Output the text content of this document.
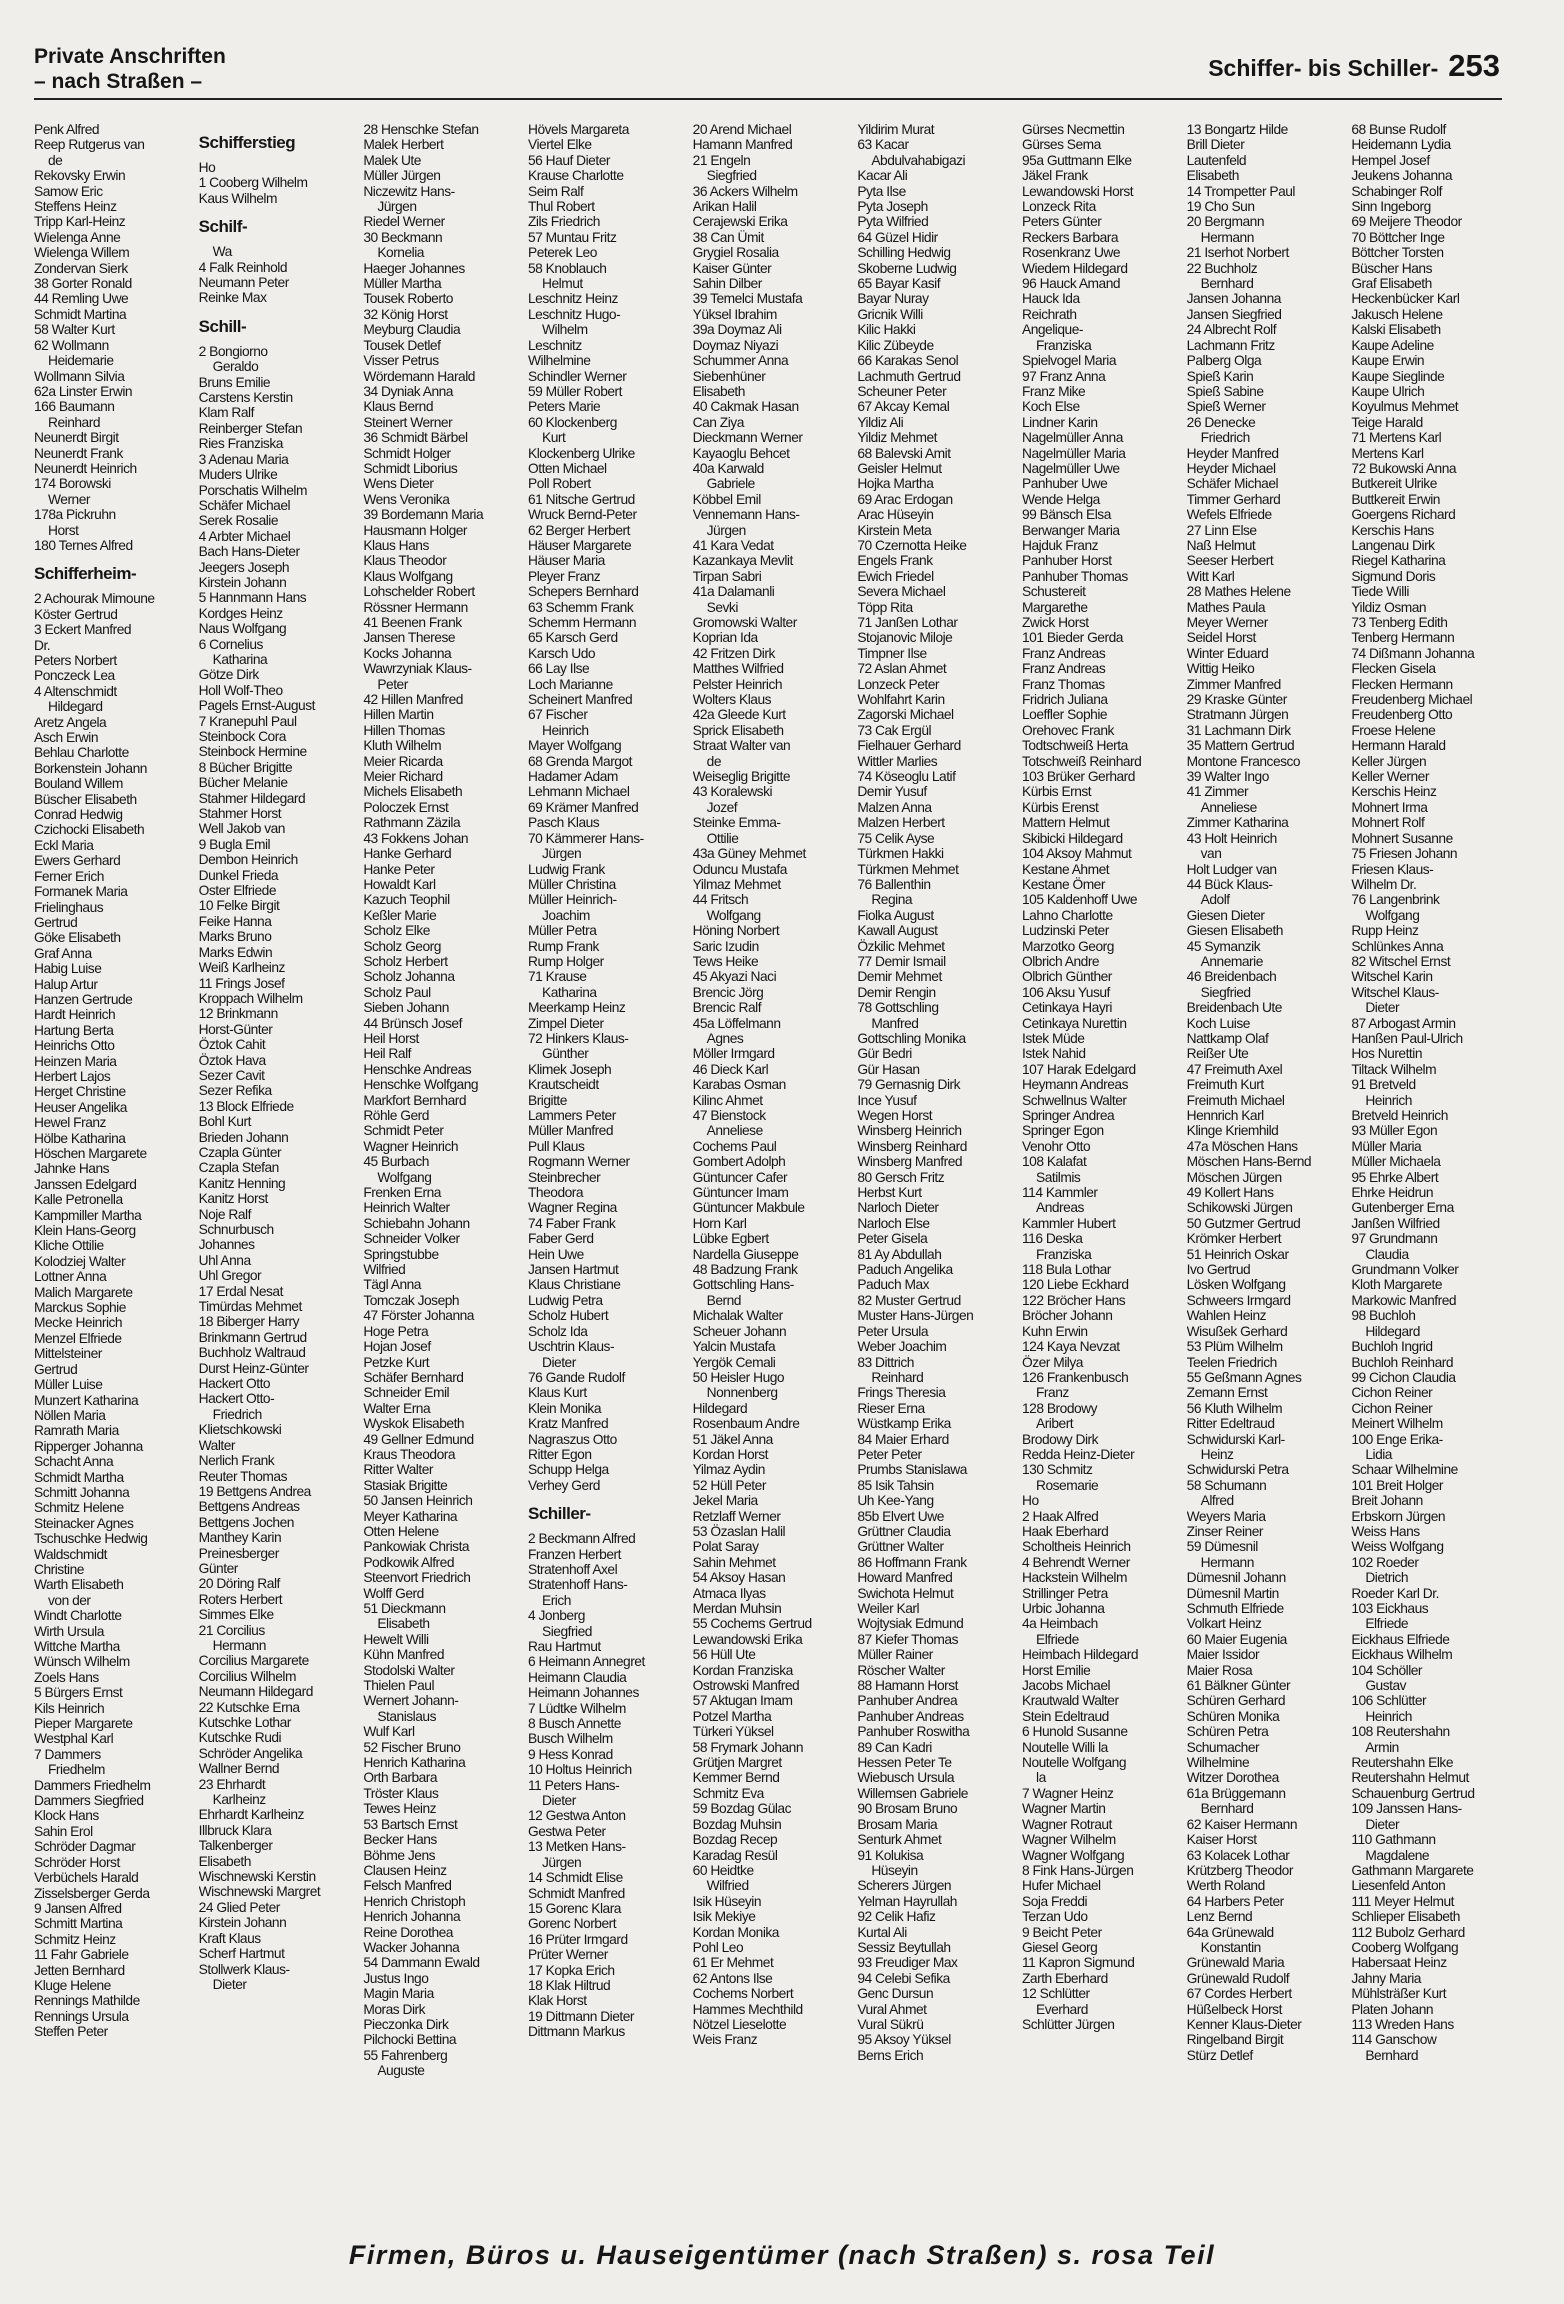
Private Anschriften
– nach Straßen –
Schiffer- bis Schiller- 253
Penk Alfred
Reep Rutgerus van
de
Rekovsky Erwin
Samow Eric
Steffens Heinz
Tripp Karl-Heinz
Wielenga Anne
Wielenga Willem
Zondervan Sierk
38 Gorter Ronald
44 Remling Uwe
Schmidt Martina
58 Walter Kurt
62 Wollmann
Heidemarie
Wollmann Silvia
62a Linster Erwin
166 Baumann
Reinhard
Neunerdt Birgit
Neunerdt Frank
Neunerdt Heinrich
174 Borowski
Werner
178a Pickruhn
Horst
180 Ternes Alfred
Schifferheim-
2 Achourak Mimoune
Köster Gertrud
3 Eckert Manfred
Dr.
Peters Norbert
Ponczeck Lea
4 Altenschmidt
Hildegard
Aretz Angela
Asch Erwin
Behlau Charlotte
Borkenstein Johann
Bouland Willem
Büscher Elisabeth
Conrad Hedwig
Czichocki Elisabeth
Eckl Maria
Ewers Gerhard
Ferner Erich
Formanek Maria
Frielinghaus
Gertrud
Göke Elisabeth
Graf Anna
Habig Luise
Halup Artur
Hanzen Gertrude
Hardt Heinrich
Hartung Berta
Heinrichs Otto
Heinzen Maria
Herbert Lajos
Herget Christine
Heuser Angelika
Hewel Franz
Hölbe Katharina
Höschen Margarete
Jahnke Hans
Janssen Edelgard
Kalle Petronella
Kampmiller Martha
Klein Hans-Georg
Kliche Ottilie
Kolodziej Walter
Lottner Anna
Malich Margarete
Marckus Sophie
Mecke Heinrich
Menzel Elfriede
Mittelsteiner
Gertrud
Müller Luise
Munzert Katharina
Nöllen Maria
Ramrath Maria
Ripperger Johanna
Schacht Anna
Schmidt Martha
Schmitt Johanna
Schmitz Helene
Steinacker Agnes
Tschuschke Hedwig
Waldschmidt
Christine
Warth Elisabeth
von der
Windt Charlotte
Wirth Ursula
Wittche Martha
Wünsch Wilhelm
Zoels Hans
5 Bürgers Ernst
Kils Heinrich
Pieper Margarete
Westphal Karl
7 Dammers
Friedhelm
Dammers Friedhelm
Dammers Siegfried
Klock Hans
Sahin Erol
Schröder Dagmar
Schröder Horst
Verbüchels Harald
Zisselsberger Gerda
9 Jansen Alfred
Schmitt Martina
Schmitz Heinz
11 Fahr Gabriele
Jetten Bernhard
Kluge Helene
Rennings Mathilde
Rennings Ursula
Steffen Peter
Schifferstieg
Ho
1 Cooberg Wilhelm
Kaus Wilhelm
Schilf-
Wa
4 Falk Reinhold
Neumann Peter
Reinke Max
Schill-
2 Bongiorno
Geraldo
Bruns Emilie
Carstens Kerstin
Klam Ralf
Reinberger Stefan
Ries Franziska
3 Adenau Maria
Muders Ulrike
Porschatis Wilhelm
Schäfer Michael
Serek Rosalie
4 Arbter Michael
Bach Hans-Dieter
Jeegers Joseph
Kirstein Johann
5 Hannmann Hans
Kordges Heinz
Naus Wolfgang
6 Cornelius
Katharina
Götze Dirk
Holl Wolf-Theo
Pagels Ernst-August
7 Kranepuhl Paul
Steinbock Cora
Steinbock Hermine
8 Bücher Brigitte
Bücher Melanie
Stahmer Hildegard
Stahmer Horst
Well Jakob van
9 Bugla Emil
Dembon Heinrich
Dunkel Frieda
Oster Elfriede
10 Felke Birgit
Feike Hanna
Marks Bruno
Marks Edwin
Weiß Karlheinz
11 Frings Josef
Kroppach Wilhelm
12 Brinkmann
Horst-Günter
Öztok Cahit
Öztok Hava
Sezer Cavit
Sezer Refika
13 Block Elfriede
Bohl Kurt
Brieden Johann
Czapla Günter
Czapla Stefan
Kanitz Henning
Kanitz Horst
Noje Ralf
Schnurbusch
Johannes
Uhl Anna
Uhl Gregor
17 Erdal Nesat
Timürdas Mehmet
18 Biberger Harry
Brinkmann Gertrud
Buchholz Waltraud
Durst Heinz-Günter
Hackert Otto
Hackert Otto-
Friedrich
Klietschkowski
Walter
Nerlich Frank
Reuter Thomas
19 Bettgens Andrea
Bettgens Andreas
Bettgens Jochen
Manthey Karin
Preinesberger
Günter
20 Döring Ralf
Roters Herbert
Simmes Elke
21 Corcilius
Hermann
Corcilius Margarete
Corcilius Wilhelm
Neumann Hildegard
22 Kutschke Erna
Kutschke Lothar
Kutschke Rudi
Schröder Angelika
Wallner Bernd
23 Ehrhardt
Karlheinz
Ehrhardt Karlheinz
Illbruck Klara
Talkenberger
Elisabeth
Wischnewski Kerstin
Wischnewski Margret
24 Glied Peter
Kirstein Johann
Kraft Klaus
Scherf Hartmut
Stollwerk Klaus-
Dieter
28 Henschke Stefan
Malek Herbert
Malek Ute
Müller Jürgen
Niczewitz Hans-
Jürgen
Riedel Werner
30 Beckmann
Kornelia
Haeger Johannes
Müller Martha
Tousek Roberto
32 König Horst
Meyburg Claudia
Tousek Detlef
Visser Petrus
Wördemann Harald
34 Dyniak Anna
Klaus Bernd
Steinert Werner
36 Schmidt Bärbel
Schmidt Holger
Schmidt Liborius
Wens Dieter
Wens Veronika
39 Bordemann Maria
Hausmann Holger
Klaus Hans
Klaus Theodor
Klaus Wolfgang
Lohschelder Robert
Rössner Hermann
41 Beenen Frank
Jansen Therese
Kocks Johanna
Wawrzyniak Klaus-
Peter
42 Hillen Manfred
Hillen Martin
Hillen Thomas
Kluth Wilhelm
Meier Ricarda
Meier Richard
Michels Elisabeth
Poloczek Ernst
Rathmann Zäzila
43 Fokkens Johan
Hanke Gerhard
Hanke Peter
Howaldt Karl
Kazuch Teophil
Keßler Marie
Scholz Elke
Scholz Georg
Scholz Herbert
Scholz Johanna
Scholz Paul
Sieben Johann
44 Brünsch Josef
Heil Horst
Heil Ralf
Henschke Andreas
Henschke Wolfgang
Markfort Bernhard
Röhle Gerd
Schmidt Peter
Wagner Heinrich
45 Burbach
Wolfgang
Frenken Erna
Heinrich Walter
Schiebahn Johann
Schneider Volker
Springstubbe
Wilfried
Tägl Anna
Tomczak Joseph
47 Förster Johanna
Hoge Petra
Hojan Josef
Petzke Kurt
Schäfer Bernhard
Schneider Emil
Walter Erna
Wyskok Elisabeth
49 Gellner Edmund
Kraus Theodora
Ritter Walter
Stasiak Brigitte
50 Jansen Heinrich
Meyer Katharina
Otten Helene
Pankowiak Christa
Podkowik Alfred
Steenvort Friedrich
Wolff Gerd
51 Dieckmann
Elisabeth
Hewelt Willi
Kühn Manfred
Stodolski Walter
Thielen Paul
Wernert Johann-
Stanislaus
Wulf Karl
52 Fischer Bruno
Henrich Katharina
Orth Barbara
Tröster Klaus
Tewes Heinz
53 Bartsch Ernst
Becker Hans
Böhme Jens
Clausen Heinz
Felsch Manfred
Henrich Christoph
Henrich Johanna
Reine Dorothea
Wacker Johanna
54 Dammann Ewald
Justus Ingo
Magin Maria
Moras Dirk
Pieczonka Dirk
Pilchocki Bettina
55 Fahrenberg
Auguste
Hövels Margareta
Viertel Elke
56 Hauf Dieter
Krause Charlotte
Seim Ralf
Thul Robert
Zils Friedrich
57 Muntau Fritz
Peterek Leo
58 Knoblauch
Helmut
Leschnitz Heinz
Leschnitz Hugo-
Wilhelm
Leschnitz
Wilhelmine
Schindler Werner
59 Müller Robert
Peters Marie
60 Klockenberg
Kurt
Klockenberg Ulrike
Otten Michael
Poll Robert
61 Nitsche Gertrud
Wruck Bernd-Peter
62 Berger Herbert
Häuser Margarete
Häuser Maria
Pleyer Franz
Schepers Bernhard
63 Schemm Frank
Schemm Hermann
65 Karsch Gerd
Karsch Udo
66 Lay Ilse
Loch Marianne
Scheinert Manfred
67 Fischer
Heinrich
Mayer Wolfgang
68 Grenda Margot
Hadamer Adam
Lehmann Michael
69 Krämer Manfred
Pasch Klaus
70 Kämmerer Hans-
Jürgen
Ludwig Frank
Müller Christina
Müller Heinrich-
Joachim
Müller Petra
Rump Frank
Rump Holger
71 Krause
Katharina
Meerkamp Heinz
Zimpel Dieter
72 Hinkers Klaus-
Günther
Klimek Joseph
Krautscheidt
Brigitte
Lammers Peter
Müller Manfred
Pull Klaus
Rogmann Werner
Steinbrecher
Theodora
Wagner Regina
74 Faber Frank
Faber Gerd
Hein Uwe
Jansen Hartmut
Klaus Christiane
Ludwig Petra
Scholz Hubert
Scholz Ida
Uschtrin Klaus-
Dieter
76 Gande Rudolf
Klaus Kurt
Klein Monika
Kratz Manfred
Nagraszus Otto
Ritter Egon
Schupp Helga
Verhey Gerd
Schiller-
2 Beckmann Alfred
Franzen Herbert
Stratenhoff Axel
Stratenhoff Hans-
Erich
4 Jonberg
Siegfried
Rau Hartmut
6 Heimann Annegret
Heimann Claudia
Heimann Johannes
7 Lüdtke Wilhelm
8 Busch Annette
Busch Wilhelm
9 Hess Konrad
10 Holtus Heinrich
11 Peters Hans-
Dieter
12 Gestwa Anton
Gestwa Peter
13 Metken Hans-
Jürgen
14 Schmidt Elise
Schmidt Manfred
15 Gorenc Klara
Gorenc Norbert
16 Prüter Irmgard
Prüter Werner
17 Kopka Erich
18 Klak Hiltrud
Klak Horst
19 Dittmann Dieter
Dittmann Markus
20 Arend Michael
Hamann Manfred
21 Engeln
Siegfried
36 Ackers Wilhelm
Arikan Halil
Cerajewski Erika
38 Can Ümit
Grygiel Rosalia
Kaiser Günter
Sahin Dilber
39 Temelci Mustafa
Yüksel Ibrahim
39a Doymaz Ali
Doymaz Niyazi
Schummer Anna
Siebenhüner
Elisabeth
40 Cakmak Hasan
Can Ziya
Dieckmann Werner
Kayaoglu Behcet
40a Karwald
Gabriele
Köbbel Emil
Vennemann Hans-
Jürgen
41 Kara Vedat
Kazankaya Mevlit
Tirpan Sabri
41a Dalamanli
Sevki
Gromowski Walter
Koprian Ida
42 Fritzen Dirk
Matthes Wilfried
Pelster Heinrich
Wolters Klaus
42a Gleede Kurt
Sprick Elisabeth
Straat Walter van
de
Weiseglig Brigitte
43 Koralewski
Jozef
Steinke Emma-
Ottilie
43a Güney Mehmet
Oduncu Mustafa
Yilmaz Mehmet
44 Fritsch
Wolfgang
Höning Norbert
Saric Izudin
Tews Heike
45 Akyazi Naci
Brencic Jörg
Brencic Ralf
45a Löffelmann
Agnes
Möller Irmgard
46 Dieck Karl
Karabas Osman
Kilinc Ahmet
47 Bienstock
Anneliese
Cochems Paul
Gombert Adolph
Güntuncer Cafer
Güntuncer Imam
Güntuncer Makbule
Horn Karl
Lübke Egbert
Nardella Giuseppe
48 Badzung Frank
Gottschling Hans-
Bernd
Michalak Walter
Scheuer Johann
Yalcin Mustafa
Yergök Cemali
50 Heisler Hugo
Nonnenberg
Hildegard
Rosenbaum Andre
51 Jäkel Anna
Kordan Horst
Yilmaz Aydin
52 Hüll Peter
Jekel Maria
Retzlaff Werner
53 Özaslan Halil
Polat Saray
Sahin Mehmet
54 Aksoy Hasan
Atmaca Ilyas
Merdan Muhsin
55 Cochems Gertrud
Lewandowski Erika
56 Hüll Ute
Kordan Franziska
Ostrowski Manfred
57 Aktugan Imam
Potzel Martha
Türkeri Yüksel
58 Frymark Johann
Grütjen Margret
Kemmer Bernd
Schmitz Eva
59 Bozdag Gülac
Bozdag Muhsin
Bozdag Recep
Karadag Resül
60 Heidtke
Wilfried
Isik Hüseyin
Isik Mekiye
Kordan Monika
Pohl Leo
61 Er Mehmet
62 Antons Ilse
Cochems Norbert
Hammes Mechthild
Nötzel Lieselotte
Weis Franz
Yildirim Murat
63 Kacar
Abdulvahabigazi
Kacar Ali
Pyta Ilse
Pyta Joseph
Pyta Wilfried
64 Güzel Hidir
Schilling Hedwig
Skoberne Ludwig
65 Bayar Kasif
Bayar Nuray
Gricnik Willi
Kilic Hakki
Kilic Zübeyde
66 Karakas Senol
Lachmuth Gertrud
Scheuner Peter
67 Akcay Kemal
Yildiz Ali
Yildiz Mehmet
68 Balevski Amit
Geisler Helmut
Hojka Martha
69 Arac Erdogan
Arac Hüseyin
Kirstein Meta
70 Czernotta Heike
Engels Frank
Ewich Friedel
Severa Michael
Töpp Rita
71 Janßen Lothar
Stojanovic Miloje
Timpner Ilse
72 Aslan Ahmet
Lonzeck Peter
Wohlfahrt Karin
Zagorski Michael
73 Cak Ergül
Fielhauer Gerhard
Wittler Marlies
74 Köseoglu Latif
Demir Yusuf
Malzen Anna
Malzen Herbert
75 Celik Ayse
Türkmen Hakki
Türkmen Mehmet
76 Ballenthin
Regina
Fiolka August
Kawall August
Özkilic Mehmet
77 Demir Ismail
Demir Mehmet
Demir Rengin
78 Gottschling
Manfred
Gottschling Monika
Gür Bedri
Gür Hasan
79 Gernasnig Dirk
Ince Yusuf
Wegen Horst
Winsberg Heinrich
Winsberg Reinhard
Winsberg Manfred
80 Gersch Fritz
Herbst Kurt
Narloch Dieter
Narloch Else
Peter Gisela
81 Ay Abdullah
Paduch Angelika
Paduch Max
82 Muster Gertrud
Muster Hans-Jürgen
Peter Ursula
Weber Joachim
83 Dittrich
Reinhard
Frings Theresia
Rieser Erna
Wüstkamp Erika
84 Maier Erhard
Peter Peter
Prumbs Stanislawa
85 Isik Tahsin
Uh Kee-Yang
85b Elvert Uwe
Grüttner Claudia
Grüttner Walter
86 Hoffmann Frank
Howard Manfred
Swichota Helmut
Weiler Karl
Wojtysiak Edmund
87 Kiefer Thomas
Müller Rainer
Röscher Walter
88 Hamann Horst
Panhuber Andrea
Panhuber Andreas
Panhuber Roswitha
89 Can Kadri
Hessen Peter Te
Wiebusch Ursula
Willemsen Gabriele
90 Brosam Bruno
Brosam Maria
Senturk Ahmet
91 Kolukisa
Hüseyin
Scherers Jürgen
Yelman Hayrullah
92 Celik Hafiz
Kurtal Ali
Sessiz Beytullah
93 Freudiger Max
94 Celebi Sefika
Genc Dursun
Vural Ahmet
Vural Sükrü
95 Aksoy Yüksel
Berns Erich
Gürses Necmettin
Gürses Sema
95a Guttmann Elke
Jäkel Frank
Lewandowski Horst
Lonzeck Rita
Peters Günter
Reckers Barbara
Rosenkranz Uwe
Wiedem Hildegard
96 Hauck Amand
Hauck Ida
Reichrath
Angelique-
Franziska
Spielvogel Maria
97 Franz Anna
Franz Mike
Koch Else
Lindner Karin
Nagelmüller Anna
Nagelmüller Maria
Nagelmüller Uwe
Panhuber Uwe
Wende Helga
99 Bänsch Elsa
Berwanger Maria
Hajduk Franz
Panhuber Horst
Panhuber Thomas
Schustereit
Margarethe
Zwick Horst
101 Bieder Gerda
Franz Andreas
Franz Andreas
Franz Thomas
Fridrich Juliana
Loeffler Sophie
Orehovec Frank
Todtschweiß Herta
Totschweiß Reinhard
103 Brüker Gerhard
Kürbis Ernst
Kürbis Erenst
Mattern Helmut
Skibicki Hildegard
104 Aksoy Mahmut
Kestane Ahmet
Kestane Ömer
105 Kaldenhoff Uwe
Lahno Charlotte
Ludzinski Peter
Marzotko Georg
Olbrich Andre
Olbrich Günther
106 Aksu Yusuf
Cetinkaya Hayri
Cetinkaya Nurettin
Istek Müde
Istek Nahid
107 Harak Edelgard
Heymann Andreas
Schwellnus Walter
Springer Andrea
Springer Egon
Venohr Otto
108 Kalafat
Satilmis
114 Kammler
Andreas
Kammler Hubert
116 Deska
Franziska
118 Bula Lothar
120 Liebe Eckhard
122 Bröcher Hans
Bröcher Johann
Kuhn Erwin
124 Kaya Nevzat
Özer Milya
126 Frankenbusch
Franz
128 Brodowy
Aribert
Brodowy Dirk
Redda Heinz-Dieter
130 Schmitz
Rosemarie
Ho
2 Haak Alfred
Haak Eberhard
Scholtheis Heinrich
4 Behrendt Werner
Hackstein Wilhelm
Strillinger Petra
Urbic Johanna
4a Heimbach
Elfriede
Heimbach Hildegard
Horst Emilie
Jacobs Michael
Krautwald Walter
Stein Edeltraud
6 Hunold Susanne
Noutelle Willi la
Noutelle Wolfgang
la
7 Wagner Heinz
Wagner Martin
Wagner Rotraut
Wagner Wilhelm
Wagner Wolfgang
8 Fink Hans-Jürgen
Hufer Michael
Soja Freddi
Terzan Udo
9 Beicht Peter
Giesel Georg
11 Kapron Sigmund
Zarth Eberhard
12 Schlütter
Everhard
Schlütter Jürgen
13 Bongartz Hilde
Brill Dieter
Lautenfeld
Elisabeth
14 Trompetter Paul
19 Cho Sun
20 Bergmann
Hermann
21 Iserhot Norbert
22 Buchholz
Bernhard
Jansen Johanna
Jansen Siegfried
24 Albrecht Rolf
Lachmann Fritz
Palberg Olga
Spieß Karin
Spieß Sabine
Spieß Werner
26 Denecke
Friedrich
Heyder Manfred
Heyder Michael
Schäfer Michael
Timmer Gerhard
Wefels Elfriede
27 Linn Else
Naß Helmut
Seeser Herbert
Witt Karl
28 Mathes Helene
Mathes Paula
Meyer Werner
Seidel Horst
Winter Eduard
Wittig Heiko
Zimmer Manfred
29 Kraske Günter
Stratmann Jürgen
31 Lachmann Dirk
35 Mattern Gertrud
Montone Francesco
39 Walter Ingo
41 Zimmer
Anneliese
Zimmer Katharina
43 Holt Heinrich
van
Holt Ludger van
44 Bück Klaus-
Adolf
Giesen Dieter
Giesen Elisabeth
45 Symanzik
Annemarie
46 Breidenbach
Siegfried
Breidenbach Ute
Koch Luise
Nattkamp Olaf
Reißer Ute
47 Freimuth Axel
Freimuth Kurt
Freimuth Michael
Hennrich Karl
Klinge Kriemhild
47a Möschen Hans
Möschen Hans-Bernd
Möschen Jürgen
49 Kollert Hans
Schikowski Jürgen
50 Gutzmer Gertrud
Krömker Herbert
51 Heinrich Oskar
Ivo Gertrud
Lösken Wolfgang
Schweers Irmgard
Wahlen Heinz
Wisußek Gerhard
53 Plüm Wilhelm
Teelen Friedrich
55 Geßmann Agnes
Zemann Ernst
56 Kluth Wilhelm
Ritter Edeltraud
Schwidurski Karl-
Heinz
Schwidurski Petra
58 Schumann
Alfred
Weyers Maria
Zinser Reiner
59 Dümesnil
Hermann
Dümesnil Johann
Dümesnil Martin
Schmuth Elfriede
Volkart Heinz
60 Maier Eugenia
Maier Issidor
Maier Rosa
61 Bälkner Günter
Schüren Gerhard
Schüren Monika
Schüren Petra
Schumacher
Wilhelmine
Witzer Dorothea
61a Brüggemann
Bernhard
62 Kaiser Hermann
Kaiser Horst
63 Kolacek Lothar
Krützberg Theodor
Werth Roland
64 Harbers Peter
Lenz Bernd
64a Grünewald
Konstantin
Grünewald Maria
Grünewald Rudolf
67 Cordes Herbert
Hüßelbeck Horst
Kenner Klaus-Dieter
Ringelband Birgit
Stürz Detlef
68 Bunse Rudolf
Heidemann Lydia
Hempel Josef
Jeukens Johanna
Schabinger Rolf
Sinn Ingeborg
69 Meijere Theodor
70 Böttcher Inge
Böttcher Torsten
Büscher Hans
Graf Elisabeth
Heckenbücker Karl
Jakusch Helene
Kalski Elisabeth
Kaupe Adeline
Kaupe Erwin
Kaupe Sieglinde
Kaupe Ulrich
Koyulmus Mehmet
Teige Harald
71 Mertens Karl
Mertens Karl
72 Bukowski Anna
Butkereit Ulrike
Buttkereit Erwin
Goergens Richard
Kerschis Hans
Langenau Dirk
Riegel Katharina
Sigmund Doris
Tiede Willi
Yildiz Osman
73 Tenberg Edith
Tenberg Hermann
74 Dißmann Johanna
Flecken Gisela
Flecken Hermann
Freudenberg Michael
Freudenberg Otto
Froese Helene
Hermann Harald
Keller Jürgen
Keller Werner
Kerschis Heinz
Mohnert Irma
Mohnert Rolf
Mohnert Susanne
75 Friesen Johann
Friesen Klaus-
Wilhelm Dr.
76 Langenbrink
Wolfgang
Rupp Heinz
Schlünkes Anna
82 Witschel Ernst
Witschel Karin
Witschel Klaus-
Dieter
87 Arbogast Armin
Hanßen Paul-Ulrich
Hos Nurettin
Tiltack Wilhelm
91 Bretveld
Heinrich
Bretveld Heinrich
93 Müller Egon
Müller Maria
Müller Michaela
95 Ehrke Albert
Ehrke Heidrun
Gutenberger Erna
Janßen Wilfried
97 Grundmann
Claudia
Grundmann Volker
Kloth Margarete
Markowic Manfred
98 Buchloh
Hildegard
Buchloh Ingrid
Buchloh Reinhard
99 Cichon Claudia
Cichon Reiner
Cichon Reiner
Meinert Wilhelm
100 Enge Erika-
Lidia
Schaar Wilhelmine
101 Breit Holger
Breit Johann
Erbskorn Jürgen
Weiss Hans
Weiss Wolfgang
102 Roeder
Dietrich
Roeder Karl Dr.
103 Eickhaus
Elfriede
Eickhaus Elfriede
Eickhaus Wilhelm
104 Schöller
Gustav
106 Schlütter
Heinrich
108 Reutershahn
Armin
Reutershahn Elke
Reutershahn Helmut
Schauenburg Gertrud
109 Janssen Hans-
Dieter
110 Gathmann
Magdalene
Gathmann Margarete
Liesenfeld Anton
111 Meyer Helmut
Schlieper Elisabeth
112 Bubolz Gerhard
Cooberg Wolfgang
Habersaat Heinz
Jahny Maria
Mühlsträßer Kurt
Platen Johann
113 Wreden Hans
114 Ganschow
Bernhard
Firmen, Büros u. Hauseigentümer (nach Straßen) s. rosa Teil
